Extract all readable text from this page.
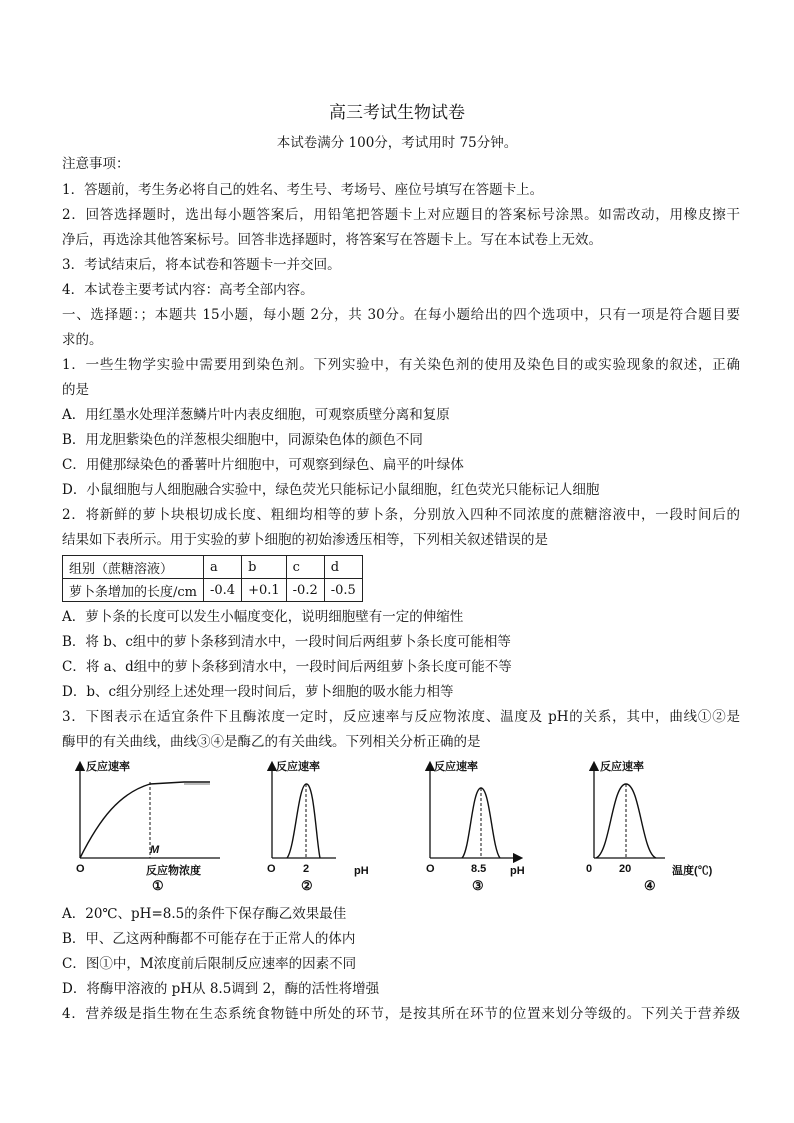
高三考试生物试卷
本试卷满分 100分，考试用时 75分钟。
注意事项：
1．答题前，考生务必将自己的姓名、考生号、考场号、座位号填写在答题卡上。
2．回答选择题时，选出每小题答案后，用铅笔把答题卡上对应题目的答案标号涂黑。如需改动，用橡皮擦干
净后，再选涂其他答案标号。回答非选择题时，将答案写在答题卡上。写在本试卷上无效。
3．考试结束后，将本试卷和答题卡一并交回。
4．本试卷主要考试内容：高考全部内容。
一、选择题：；本题共 15小题，每小题 2分，共 30分。在每小题给出的四个选项中，只有一项是符合题目要
求的。
1．一些生物学实验中需要用到染色剂。下列实验中，有关染色剂的使用及染色目的或实验现象的叙述，正确
的是
A．用红墨水处理洋葱鳞片叶内表皮细胞，可观察质壁分离和复原
B．用龙胆紫染色的洋葱根尖细胞中，同源染色体的颜色不同
C．用健那绿染色的番薯叶片细胞中，可观察到绿色、扁平的叶绿体
D．小鼠细胞与人细胞融合实验中，绿色荧光只能标记小鼠细胞，红色荧光只能标记人细胞
2．将新鲜的萝卜块根切成长度、粗细均相等的萝卜条，分别放入四种不同浓度的蔗糖溶液中，一段时间后的
结果如下表所示。用于实验的萝卜细胞的初始渗透压相等，下列相关叙述错误的是
组别（蔗糖溶液）	a	b	c	d
萝卜条增加的长度/cm	-0.4	+0.1	-0.2	-0.5
A．萝卜条的长度可以发生小幅度变化，说明细胞壁有一定的伸缩性
B．将 b、c组中的萝卜条移到清水中，一段时间后两组萝卜条长度可能相等
C．将 a、d组中的萝卜条移到清水中，一段时间后两组萝卜条长度可能不等
D．b、c组分别经上述处理一段时间后，萝卜细胞的吸水能力相等
3．下图表示在适宜条件下且酶浓度一定时，反应速率与反应物浓度、温度及 pH的关系，其中，曲线①②是
酶甲的有关曲线，曲线③④是酶乙的有关曲线。下列相关分析正确的是
反应速率
O
M
反应物浓度
①
反应速率
O 2	pH
②
反应速率
O	8.5 pH
③
反应速率
0 20	温度(℃)
④
A．20℃、pH=8.5的条件下保存酶乙效果最佳
B．甲、乙这两种酶都不可能存在于正常人的体内
C．图①中，M浓度前后限制反应速率的因素不同
D．将酶甲溶液的 pH从 8.5调到 2，酶的活性将增强
4．营养级是指生物在生态系统食物链中所处的环节，是按其所在环节的位置来划分等级的。下列关于营养级
